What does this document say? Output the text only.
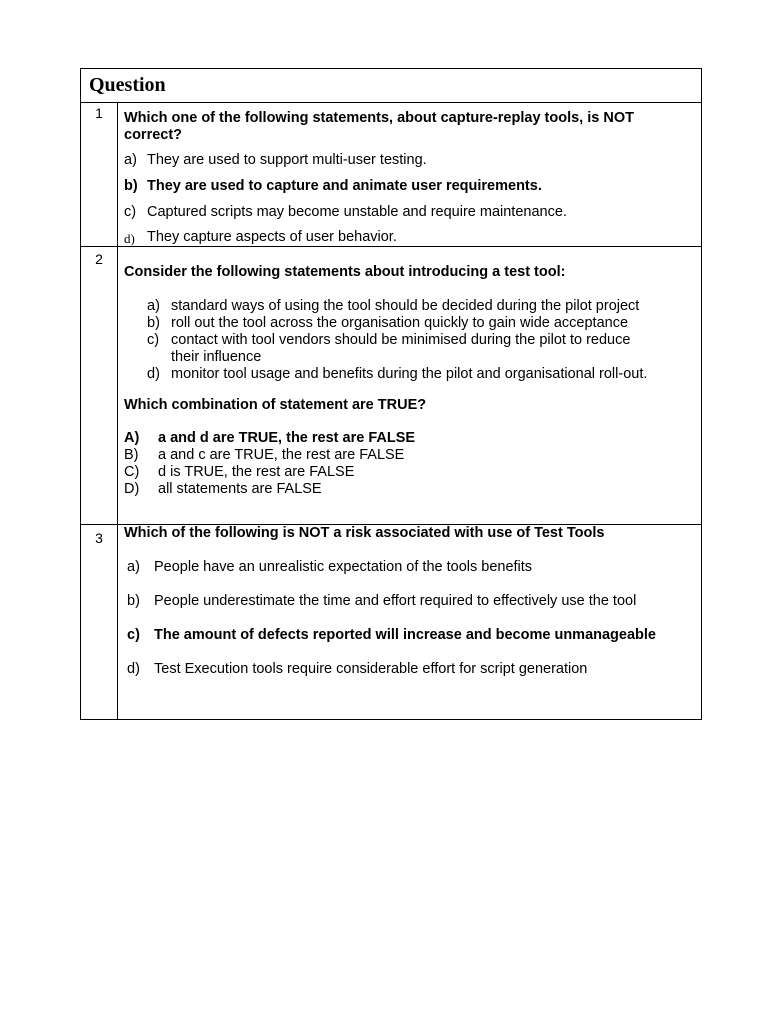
Question
1	Which one of the following statements, about capture-replay tools, is NOT
correct?
a) They are used to support multi-user testing.
b) They are used to capture and animate user requirements.
c) Captured scripts may become unstable and require maintenance.
d) They capture aspects of user behavior.
2
Consider the following statements about introducing a test tool:
a) standard ways of using the tool should be decided during the pilot project
b) roll out the tool across the organisation quickly to gain wide acceptance
c) contact with tool vendors should be minimised during the pilot to reduce
their influence
d) monitor tool usage and benefits during the pilot and organisational roll-out.
Which combination of statement are TRUE?
A) a and d are TRUE, the rest are FALSE
B) a and c are TRUE, the rest are FALSE
C) d is TRUE, the rest are FALSE
D) all statements are FALSE
3	Which of the following is NOT a risk associated with use of Test Tools
a) People have an unrealistic expectation of the tools benefits
b) People underestimate the time and effort required to effectively use the tool
c) The amount of defects reported will increase and become unmanageable
d) Test Execution tools require considerable effort for script generation
